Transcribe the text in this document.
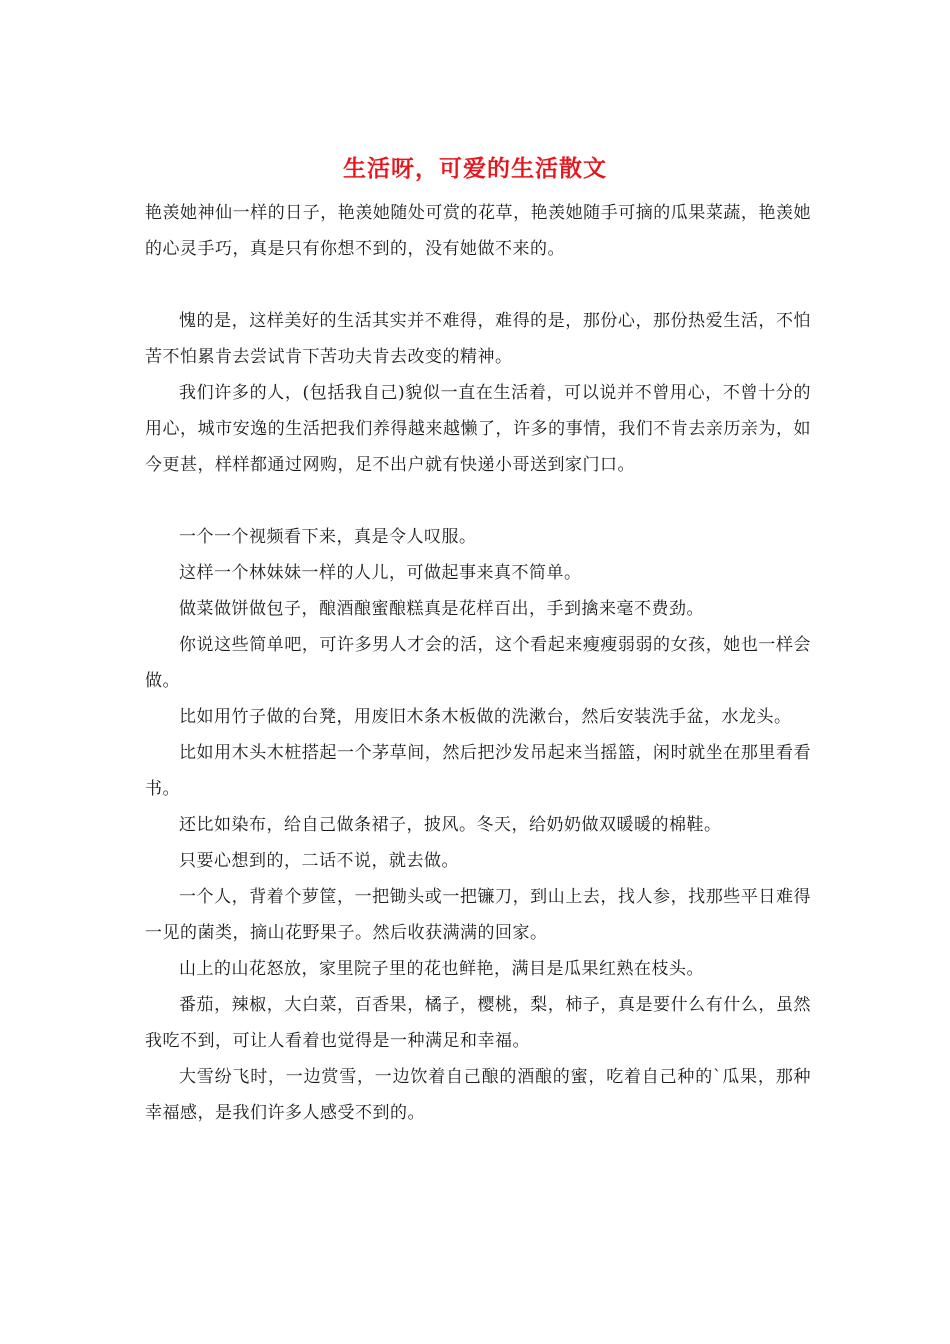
生活呀，可爱的生活散文

艳羡她神仙一样的日子，艳羡她随处可赏的花草，艳羡她随手可摘的瓜果菜蔬，艳羡她的心灵手巧，真是只有你想不到的，没有她做不来的。

愧的是，这样美好的生活其实并不难得，难得的是，那份心，那份热爱生活，不怕苦不怕累肯去尝试肯下苦功夫肯去改变的精神。

我们许多的人，(包括我自己)貌似一直在生活着，可以说并不曾用心，不曾十分的用心，城市安逸的生活把我们养得越来越懒了，许多的事情，我们不肯去亲历亲为，如今更甚，样样都通过网购，足不出户就有快递小哥送到家门口。

一个一个视频看下来，真是令人叹服。

这样一个林妹妹一样的人儿，可做起事来真不简单。

做菜做饼做包子，酿酒酿蜜酿糕真是花样百出，手到擒来毫不费劲。

你说这些简单吧，可许多男人才会的活，这个看起来瘦瘦弱弱的女孩，她也一样会做。

比如用竹子做的台凳，用废旧木条木板做的洗漱台，然后安装洗手盆，水龙头。

比如用木头木桩搭起一个茅草间，然后把沙发吊起来当摇篮，闲时就坐在那里看看书。

还比如染布，给自己做条裙子，披风。冬天，给奶奶做双暖暖的棉鞋。

只要心想到的，二话不说，就去做。

一个人，背着个萝筐，一把锄头或一把镰刀，到山上去，找人参，找那些平日难得一见的菌类，摘山花野果子。然后收获满满的回家。

山上的山花怒放，家里院子里的花也鲜艳，满目是瓜果红熟在枝头。

番茄，辣椒，大白菜，百香果，橘子，樱桃，梨，柿子，真是要什么有什么，虽然我吃不到，可让人看着也觉得是一种满足和幸福。

大雪纷飞时，一边赏雪，一边饮着自己酿的酒酿的蜜，吃着自己种的`瓜果，那种幸福感，是我们许多人感受不到的。
